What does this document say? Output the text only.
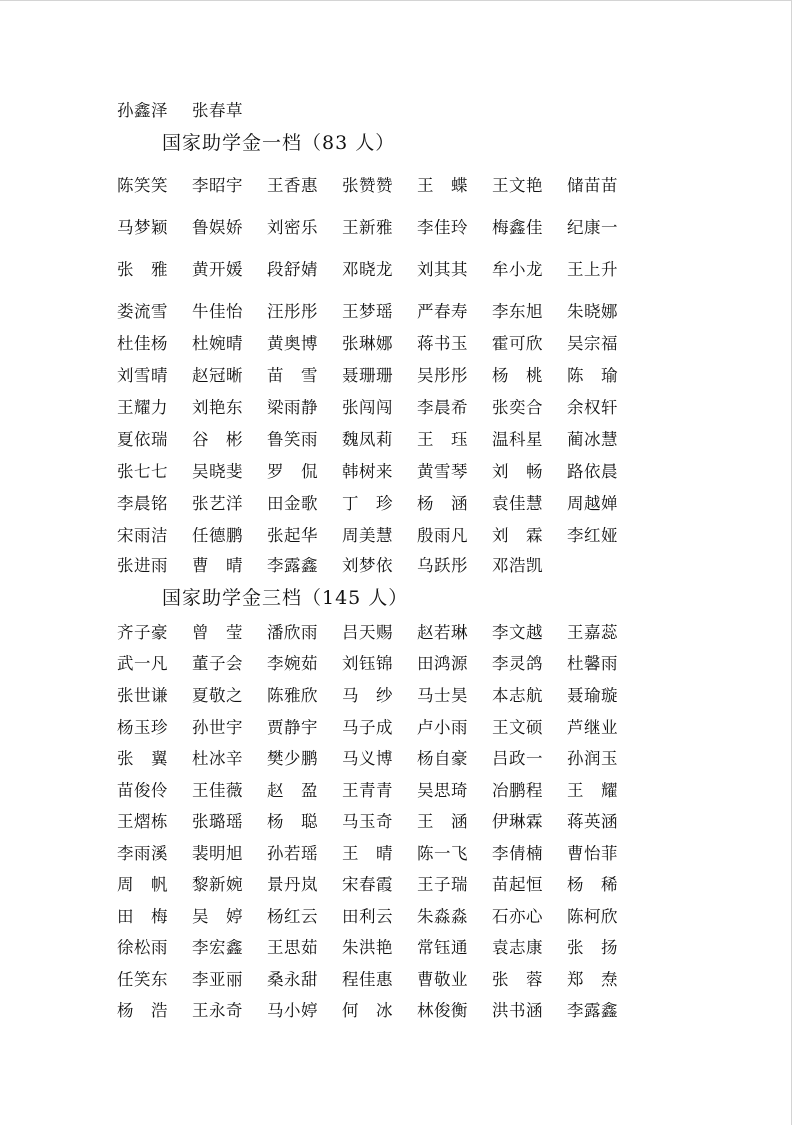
孙鑫泽	张春草
国家助学金一档（83 人）
陈笑笑	李昭宇	王香惠	张赞赞	王　蝶	王文艳	储苗苗
马梦颖	鲁娱娇	刘密乐	王新雅	李佳玲	梅鑫佳	纪康一
张　雅	黄开媛	段舒婧	邓晓龙	刘其其	牟小龙	王上升
娄流雪	牛佳怡	汪彤彤	王梦瑶	严春寿	李东旭	朱晓娜
杜佳杨	杜婉晴	黄奥博	张琳娜	蒋书玉	霍可欣	吴宗福
刘雪晴	赵冠晰	苗　雪	聂珊珊	吴彤彤	杨　桃	陈　瑜
王耀力	刘艳东	梁雨静	张闯闯	李晨希	张奕合	余权轩
夏依瑞	谷　彬	鲁笑雨	魏凤莉	王　珏	温科星	蔺冰慧
张七七	吴晓斐	罗　侃	韩树来	黄雪琴	刘　畅	路依晨
李晨铭	张艺洋	田金歌	丁　珍	杨　涵	袁佳慧	周越婵
宋雨洁	任德鹏	张起华	周美慧	殷雨凡	刘　霖	李红娅
张进雨	曹　晴	李露鑫	刘梦依	乌跃彤	邓浩凯
国家助学金三档（145 人）
齐子豪	曾　莹	潘欣雨	吕天赐	赵若琳	李文越	王嘉蕊
武一凡	董子会	李婉茹	刘钰锦	田鸿源	李灵鸽	杜馨雨
张世谦	夏敬之	陈雅欣	马　纱	马士昊	本志航	聂瑜璇
杨玉珍	孙世宇	贾静宇	马子成	卢小雨	王文硕	芦继业
张　翼	杜冰辛	樊少鹏	马义博	杨自豪	吕政一	孙润玉
苗俊伶	王佳薇	赵　盈	王青青	吴思琦	冶鹏程	王　耀
王熠栋	张璐瑶	杨　聪	马玉奇	王　涵	伊琳霖	蒋英涵
李雨溪	裴明旭	孙若瑶	王　晴	陈一飞	李倩楠	曹怡菲
周　帆	黎新婉	景丹岚	宋春霞	王子瑞	苗起恒	杨　稀
田　梅	吴　婷	杨红云	田利云	朱淼淼	石亦心	陈柯欣
徐松雨	李宏鑫	王思茹	朱洪艳	常钰通	袁志康	张　扬
任笑东	李亚丽	桑永甜	程佳惠	曹敬业	张　蓉	郑　焘
杨　浩	王永奇	马小婷	何　冰	林俊衡	洪书涵	李露鑫
